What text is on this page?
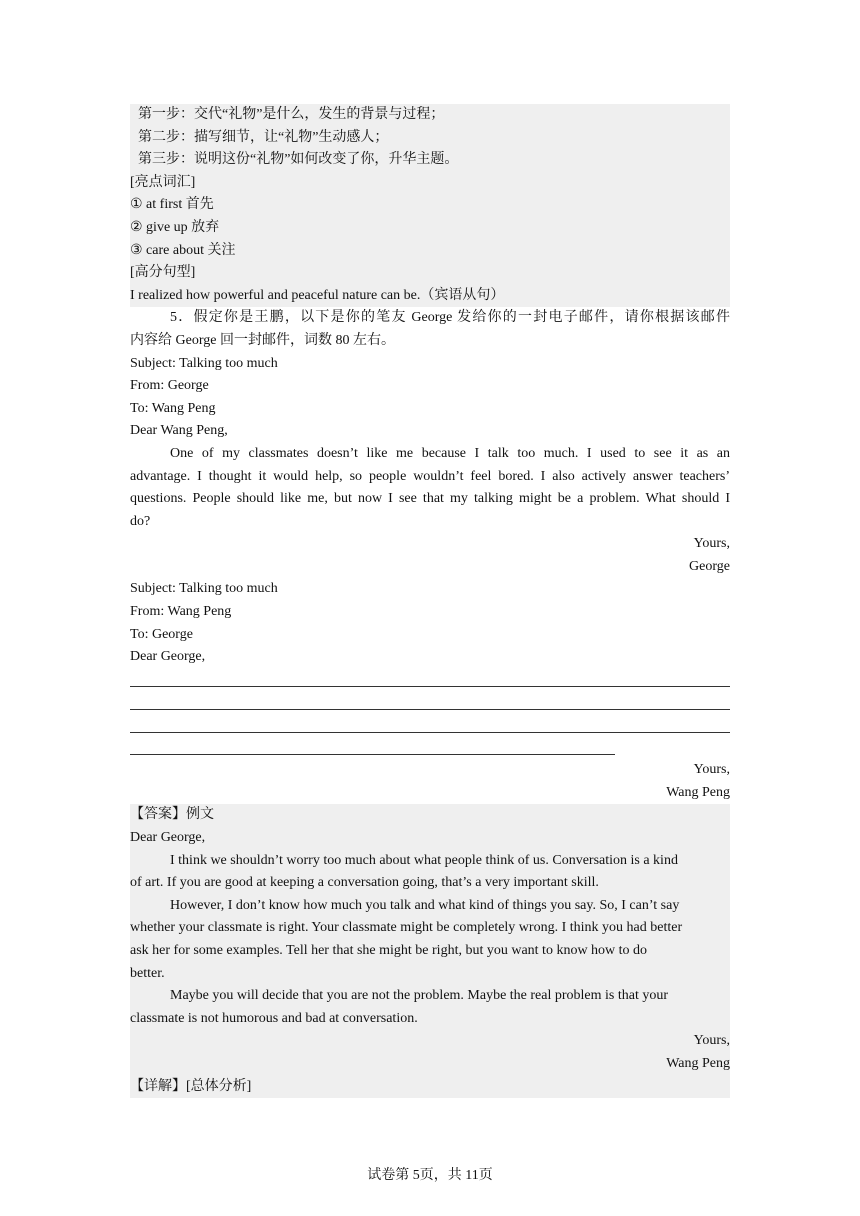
第一步：交代“礼物”是什么，发生的背景与过程；
第二步：描写细节，让“礼物”生动感人；
第三步：说明这份“礼物”如何改变了你，升华主题。
[亮点词汇]
① at first 首先
② give up 放弃
③ care about 关注
[高分句型]
I realized how powerful and peaceful nature can be.（宾语从句）
5．假定你是王鹏，以下是你的笔友 George 发给你的一封电子邮件，请你根据该邮件
内容给 George 回一封邮件，词数 80 左右。
Subject: Talking too much
From: George
To: Wang Peng
Dear Wang Peng,
One of my classmates doesn’t like me because I talk too much. I used to see it as an
advantage. I thought it would help, so people wouldn’t feel bored. I also actively answer teachers’
questions. People should like me, but now I see that my talking might be a problem. What should I
do?
Yours,
George
Subject: Talking too much
From: Wang Peng
To: George
Dear George,
Yours,
Wang Peng
【答案】例文
Dear George,
I think we shouldn’t worry too much about what people think of us. Conversation is a kind
of art. If you are good at keeping a conversation going, that’s a very important skill.
However, I don’t know how much you talk and what kind of things you say. So, I can’t say
whether your classmate is right. Your classmate might be completely wrong. I think you had better
ask her for some examples. Tell her that she might be right, but you want to know how to do
better.
Maybe you will decide that you are not the problem. Maybe the real problem is that your
classmate is not humorous and bad at conversation.
Yours,
Wang Peng
【详解】[总体分析]
试卷第 5页，共 11页
